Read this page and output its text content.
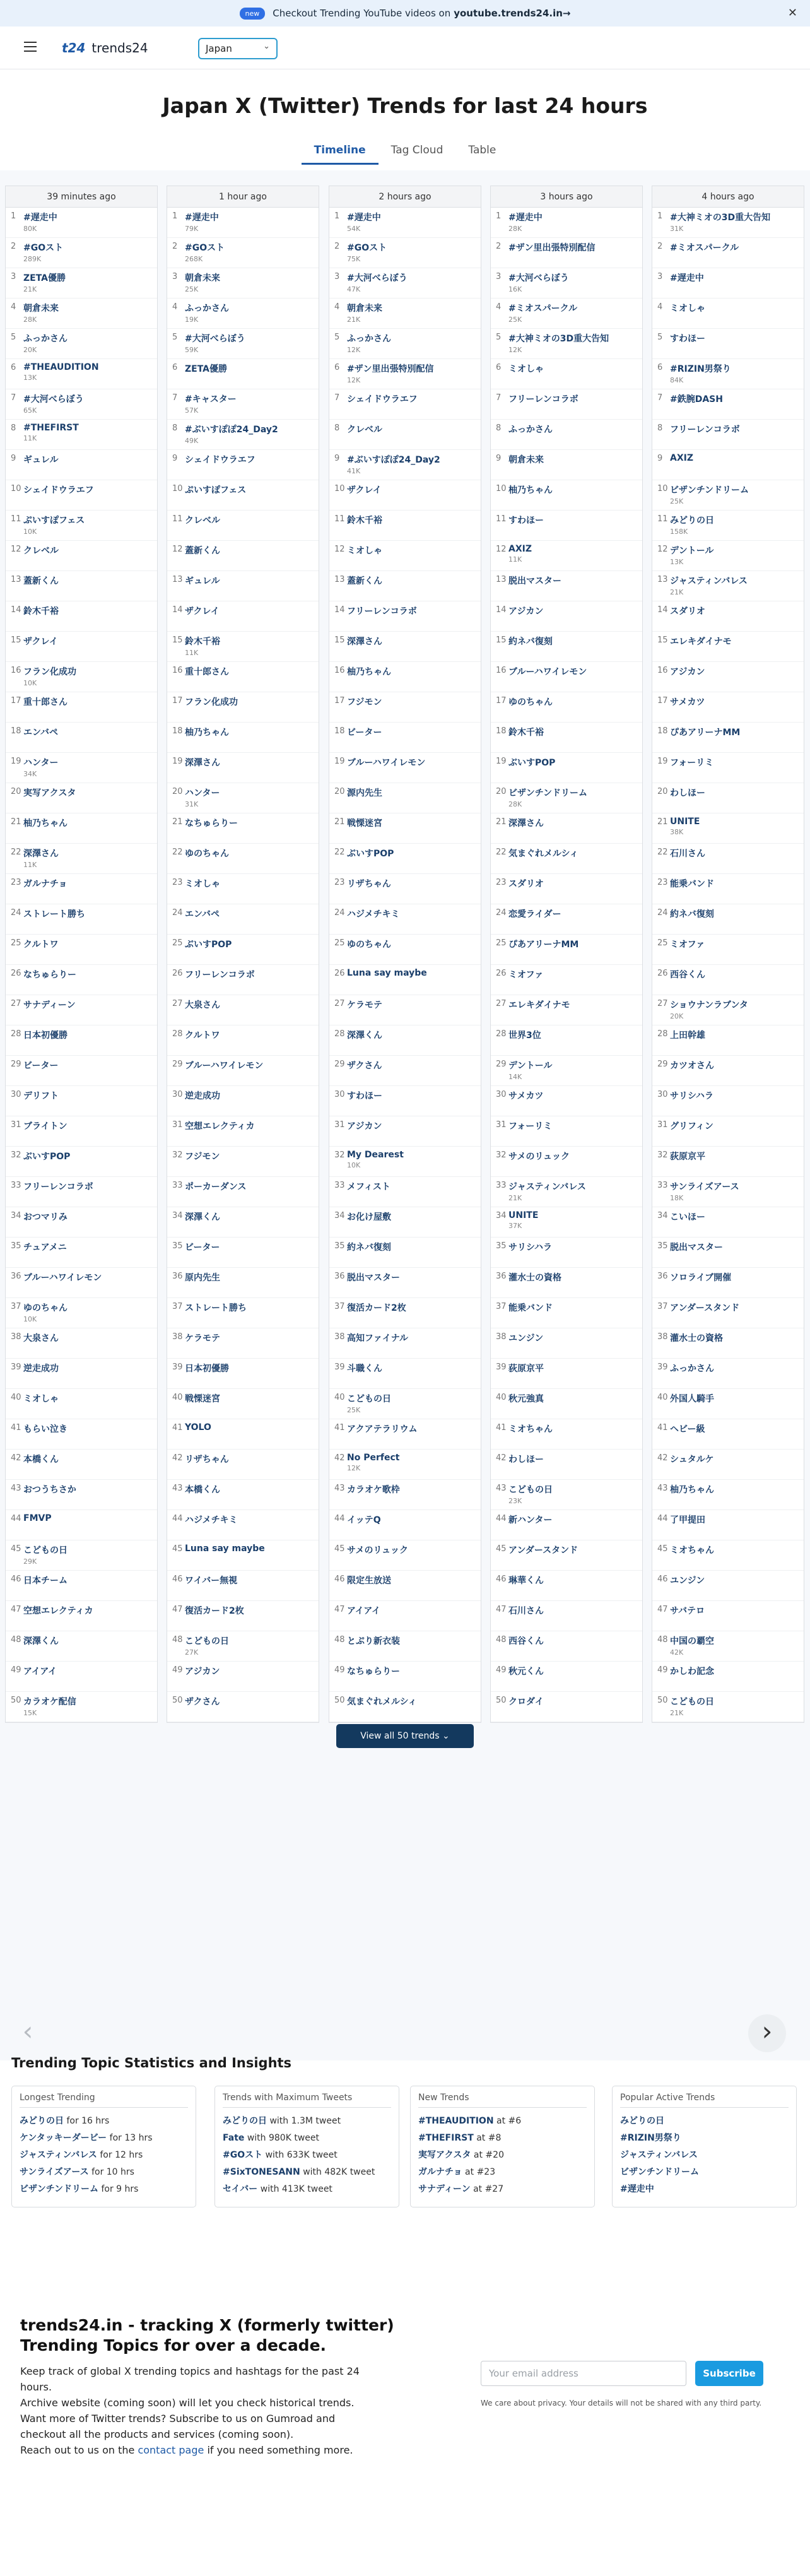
new	Checkout Trending YouTube videos on youtube.trends24.in→	✕
t24 trends24	Japan	⌄
Japan X (Twitter) Trends for last 24 hours
Timeline	Tag Cloud	Table
39 minutes ago
1 #遅走中
80K
2 #GOスト
289K
3 ZETA優勝
21K
4 朝倉未来
28K
5 ふっかさん
20K
6 #THEAUDITION
13K
7 #大河べらぼう
65K
8 #THEFIRST
11K
9 ギュレル
10 シェイドウラエフ
11 ぷいすぽフェス
10K
12 クレベル
13 蓋新くん
14 鈴木千裕
15 ザクレイ
16 フラン化成功
10K
17 重十郎さん
18 エンバペ
19 ハンター
34K
20 実写アクスタ
21 柚乃ちゃん
22 深澤さん
11K
23 ガルナチョ
24 ストレート勝ち
25 クルトワ
26 なちゅらりー
27 サナディーン
28 日本初優勝
29 ビーター
30 デリフト
31 ブライトン
32 ぶいすPOP
33 フリーレンコラボ
34 おつマリみ
35 チュアメニ
36 ブルーハワイレモン
37 ゆのちゃん
10K
38 大泉さん
39 逆走成功
40 ミオしゃ
41 もらい泣き
42 本橋くん
43 おつうちさか
44 FMVP
45 こどもの日
29K
46 日本チーム
47 空想エレクティカ
48 深澤くん
49 アイアイ
50 カラオケ配信
15K
1 hour ago
1 #遅走中
79K
2 #GOスト
268K
3 朝倉未来
25K
4 ふっかさん
19K
5 #大河べらぼう
59K
6 ZETA優勝
7 #キャスター
57K
8 #ぶいすぽぽ24_Day2
49K
9 シェイドウラエフ
10 ぷいすぽフェス
11 クレベル
12 蓋新くん
13 ギュレル
14 ザクレイ
15 鈴木千裕
11K
16 重十郎さん
17 フラン化成功
18 柚乃ちゃん
19 深澤さん
20 ハンター
31K
21 なちゅらりー
22 ゆのちゃん
23 ミオしゃ
24 エンバペ
25 ぶいすPOP
26 フリーレンコラボ
27 大泉さん
28 クルトワ
29 ブルーハワイレモン
30 逆走成功
31 空想エレクティカ
32 フジモン
33 ポーカーダンス
34 深澤くん
35 ビーター
36 原内先生
37 ストレート勝ち
38 ケラモテ
39 日本初優勝
40 戦慄迷宮
41 YOLO
42 リザちゃん
43 本橋くん
44 ハジメチキミ
45 Luna say maybe
46 ワイバー無視
47 復活カード2枚
48 こどもの日
27K
49 アジカン
50 ザクさん
2 hours ago
1 #遅走中
54K
2 #GOスト
75K
3 #大河べらぼう
47K
4 朝倉未来
21K
5 ふっかさん
12K
6 #ザン里出張特別配信
12K
7 シェイドウラエフ
8 クレベル
9 #ぶいすぽぽ24_Day2
41K
10 ザクレイ
11 鈴木千裕
12 ミオしゃ
13 蓋新くん
14 フリーレンコラボ
15 深澤さん
16 柚乃ちゃん
17 フジモン
18 ビーター
19 ブルーハワイレモン
20 源内先生
21 戦慄迷宮
22 ぶいすPOP
23 リザちゃん
24 ハジメチキミ
25 ゆのちゃん
26 Luna say maybe
27 ケラモテ
28 深澤くん
29 ザクさん
30 すわほー
31 アジカン
32 My Dearest
10K
33 メフィスト
34 お化け屋敷
35 約ネバ復刻
36 脱出マスター
37 復活カード2枚
38 高知ファイナル
39 斗職くん
40 こどもの日
25K
41 アクアテラリウム
42 No Perfect
12K
43 カラオケ歌枠
44 イッテQ
45 サメのリュック
46 限定生放送
47 アイアイ
48 とぷり新衣装
49 なちゅらりー
50 気まぐれメルシィ
3 hours ago
1 #遅走中
28K
2 #ザン里出張特別配信
3 #大河べらぼう
16K
4 #ミオスパークル
25K
5 #大神ミオの3D重大告知
12K
6 ミオしゃ
7 フリーレンコラボ
8 ふっかさん
9 朝倉未来
10 柚乃ちゃん
11 すわほー
12 AXIZ
11K
13 脱出マスター
14 アジカン
15 約ネバ復刻
16 ブルーハワイレモン
17 ゆのちゃん
18 鈴木千裕
19 ぶいすPOP
20 ビザンチンドリーム
28K
21 深澤さん
22 気まぐれメルシィ
23 スダリオ
24 恋愛ライダー
25 ぴあアリーナMM
26 ミオファ
27 エレキダイナモ
28 世界3位
29 デントール
14K
30 サメカツ
31 フォーリミ
32 サメのリュック
33 ジャスティンバレス
21K
34 UNITE
37K
35 サリシハラ
36 灌水士の資格
37 能乗バンド
38 ユンジン
39 荻原京平
40 秋元強真
41 ミオちゃん
42 わしほー
43 こどもの日
23K
44 新ハンター
45 アンダースタンド
46 琳華くん
47 石川さん
48 西谷くん
49 秋元くん
50 クロダイ
4 hours ago
1 #大神ミオの3D重大告知
31K
2 #ミオスパークル
3 #遅走中
4 ミオしゃ
5 すわほー
6 #RIZIN男祭り
84K
7 #鉄腕DASH
8 フリーレンコラボ
9 AXIZ
10 ビザンチンドリーム
25K
11 みどりの日
158K
12 デントール
13K
13 ジャスティンバレス
21K
14 スダリオ
15 エレキダイナモ
16 アジカン
17 サメカツ
18 ぴあアリーナMM
19 フォーリミ
20 わしほー
21 UNITE
38K
22 石川さん
23 能乗バンド
24 約ネバ復刻
25 ミオファ
26 西谷くん
27 ショウナンラブンタ
20K
28 上田幹雄
29 カツオさん
30 サリシハラ
31 グリフィン
32 荻原京平
33 サンライズアース
18K
34 こいほー
35 脱出マスター
36 ソロライブ開催
37 アンダースタンド
38 灌水士の資格
39 ふっかさん
40 外国人騎手
41 ヘビー級
42 シュタルケ
43 柚乃ちゃん
44 了甲提田
45 ミオちゃん
46 ユンジン
47 サバテロ
48 中国の覇空
42K
49 かしわ記念
50 こどもの日
21K
View all 50 trends ⌄
‹	›
Trending Topic Statistics and Insights
Longest Trending
みどりの日 for 16 hrs
ケンタッキーダービー for 13 hrs
ジャスティンバレス for 12 hrs
サンライズアース for 10 hrs
ビザンチンドリーム for 9 hrs
Trends with Maximum Tweets
みどりの日 with 1.3M tweet
Fate with 980K tweet
#GOスト with 633K tweet
#SixTONESANN with 482K tweet
セイバー with 413K tweet
New Trends
#THEAUDITION at #6
#THEFIRST at #8
実写アクスタ at #20
ガルナチョ at #23
サナディーン at #27
Popular Active Trends
みどりの日
#RIZIN男祭り
ジャスティンバレス
ビザンチンドリーム
#遅走中
trends24.in - tracking X (formerly twitter)
Trending Topics for over a decade.
Keep track of global X trending topics and hashtags for the past 24 hours.
Archive website (coming soon) will let you check historical trends.
Want more of Twitter trends? Subscribe to us on Gumroad and checkout all the products and services (coming soon).
Reach out to us on the contact page if you need something more.
Your email address	Subscribe
We care about privacy. Your details will not be shared with any third party.
